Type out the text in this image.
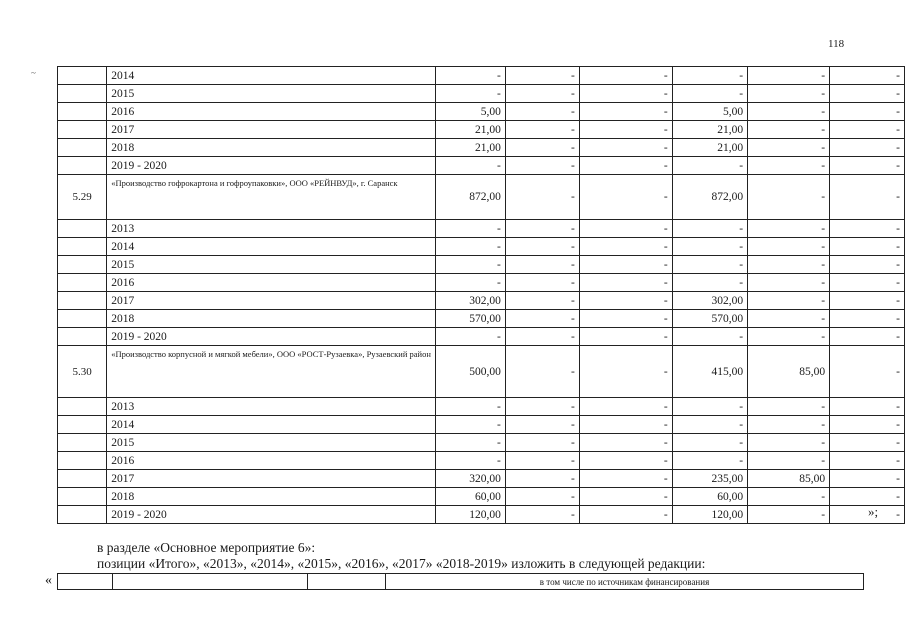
118
~
		2014	-	-	-	-	-	-
	2015	-	-	-	-	-	-
	2016	5,00	-	-	5,00	-	-
	2017	21,00	-	-	21,00	-	-
	2018	21,00	-	-	21,00	-	-
	2019 - 2020	-	-	-	-	-	-
5.29	«Производство гофрокартона и гофроупаковки», ООО «РЕЙНВУД», г. Саранск	872,00	-	-	872,00	-	-
	2013	-	-	-	-	-	-
	2014	-	-	-	-	-	-
	2015	-	-	-	-	-	-
	2016	-	-	-	-	-	-
	2017	302,00	-	-	302,00	-	-
	2018	570,00	-	-	570,00	-	-
	2019 - 2020	-	-	-	-	-	-
5.30	«Производство корпусной и мягкой мебели», ООО «РОСТ-Рузаевка», Рузаевский район	500,00	-	-	415,00	85,00	-
	2013	-	-	-	-	-	-
	2014	-	-	-	-	-	-
	2015	-	-	-	-	-	-
	2016	-	-	-	-	-	-
	2017	320,00	-	-	235,00	85,00	-
	2018	60,00	-	-	60,00	-	-
	2019 - 2020	120,00	-	-	120,00	-	-
»;
в разделе «Основное мероприятие 6»:
позиции «Итого», «2013», «2014», «2015», «2016», «2017» «2018-2019» изложить в следующей редакции:
«
				в том числе по источникам финансирования
